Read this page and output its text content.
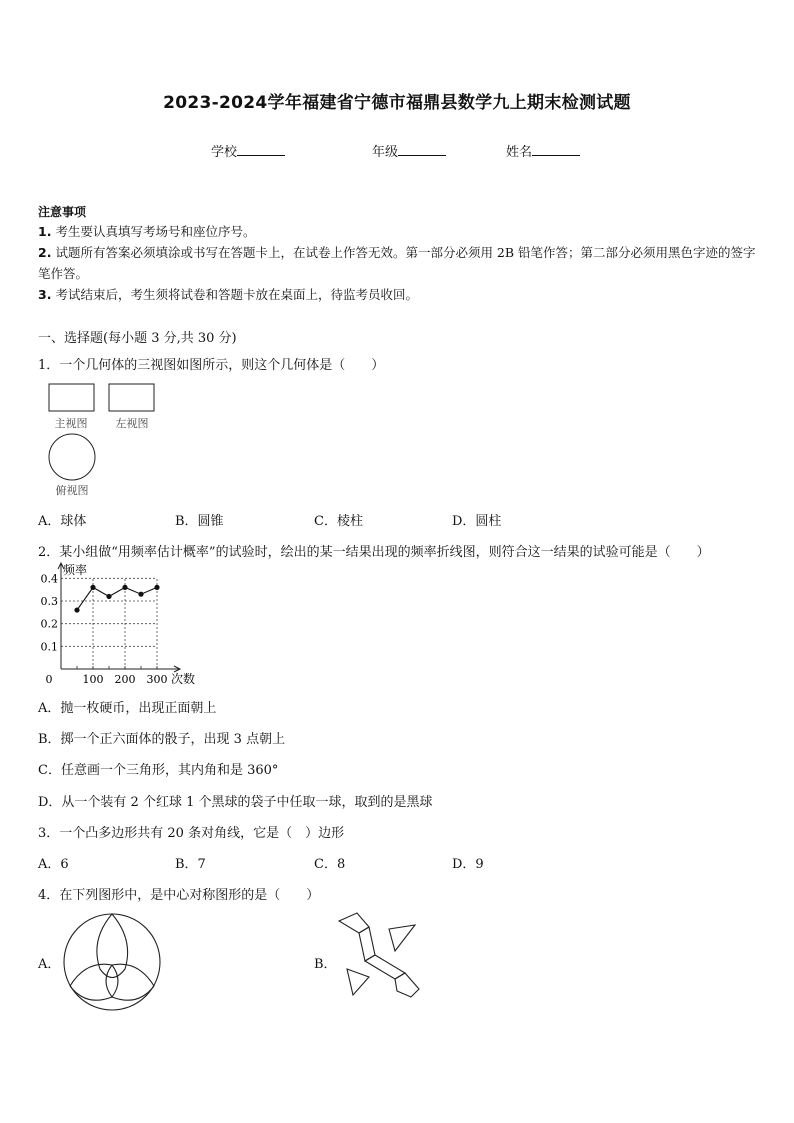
2023-2024学年福建省宁德市福鼎县数学九上期末检测试题
学校	年级	姓名
注意事项
1. 考生要认真填写考场号和座位序号。
2. 试题所有答案必须填涂或书写在答题卡上，在试卷上作答无效。第一部分必须用 2B 铅笔作答；第二部分必须用黑色字迹的签字笔作答。
3. 考试结束后，考生须将试卷和答题卡放在桌面上，待监考员收回。
一、选择题(每小题 3 分,共 30 分)
1．一个几何体的三视图如图所示，则这个几何体是（　　）
主视图	左视图
俯视图
A．球体	B．圆锥	C．棱柱	D．圆柱
2．某小组做“用频率估计概率”的试验时，绘出的某一结果出现的频率折线图，则符合这一结果的试验可能是（　　）
0.1
0.2
0.3
0.4
100 200 300
0
频率
次数
A．抛一枚硬币，出现正面朝上
B．掷一个正六面体的骰子，出现 3 点朝上
C．任意画一个三角形，其内角和是 360°
D．从一个装有 2 个红球 1 个黑球的袋子中任取一球，取到的是黑球
3．一个凸多边形共有 20 条对角线，它是（　）边形
A．6	B．7	C．8	D．9
4．在下列图形中，是中心对称图形的是（　　）
A．	B．
